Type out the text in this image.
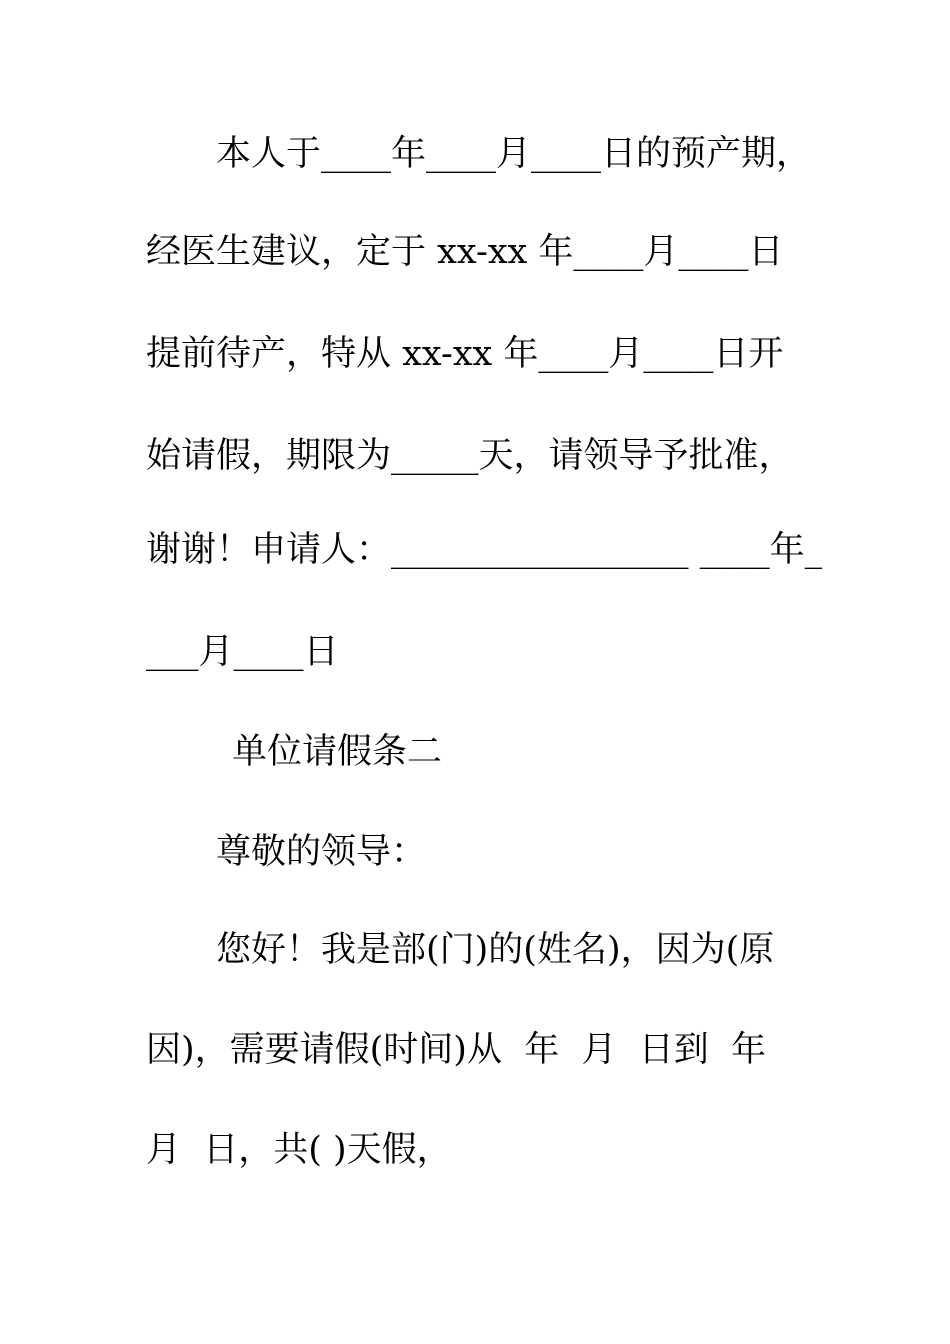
本人于____年____月____日的预产期，
经医生建议，定于 xx-xx 年____月____日
提前待产，特从 xx-xx 年____月____日开
始请假，期限为_____天，请领导予批准，
谢谢！申请人：_________________ ____年_
___月____日
单位请假条二
尊敬的领导：
您好！我是部(门)的(姓名)，因为(原
因)，需要请假(时间)从  年  月  日到  年
月  日，共( )天假，
